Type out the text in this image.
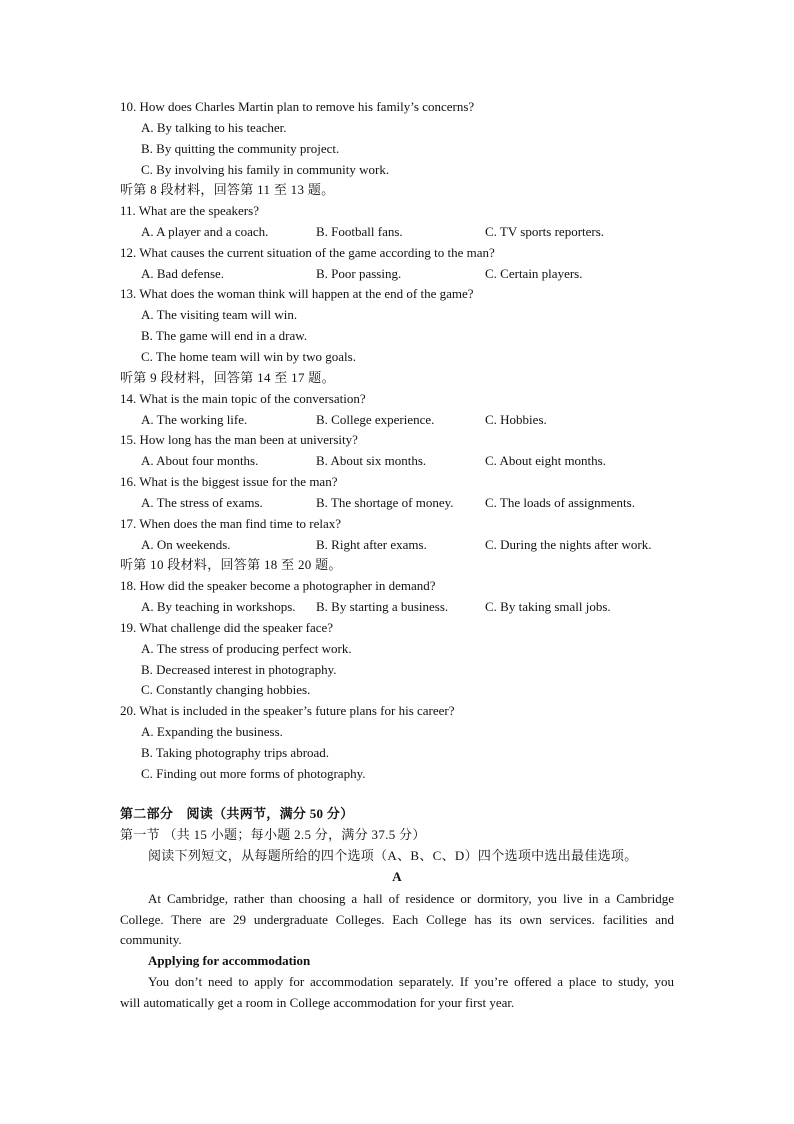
10. How does Charles Martin plan to remove his family’s concerns?
A. By talking to his teacher.
B. By quitting the community project.
C. By involving his family in community work.
听第 8 段材料，回答第 11 至 13 题。
11. What are the speakers?
A. A player and a coach.	B. Football fans.	C. TV sports reporters.
12. What causes the current situation of the game according to the man?
A. Bad defense.	B. Poor passing.	C. Certain players.
13. What does the woman think will happen at the end of the game?
A. The visiting team will win.
B. The game will end in a draw.
C. The home team will win by two goals.
听第 9 段材料，回答第 14 至 17 题。
14. What is the main topic of the conversation?
A. The working life.	B. College experience.	C. Hobbies.
15. How long has the man been at university?
A. About four months.	B. About six months.	C. About eight months.
16. What is the biggest issue for the man?
A. The stress of exams.	B. The shortage of money. C. The loads of assignments.
17. When does the man find time to relax?
A. On weekends.	B. Right after exams.	C. During the nights after work.
听第 10 段材料，回答第 18 至 20 题。
18. How did the speaker become a photographer in demand?
A. By teaching in workshops. B. By starting a business.	C. By taking small jobs.
19. What challenge did the speaker face?
A. The stress of producing perfect work.
B. Decreased interest in photography.
C. Constantly changing hobbies.
20. What is included in the speaker’s future plans for his career?
A. Expanding the business.
B. Taking photography trips abroad.
C. Finding out more forms of photography.
第二部分　阅读（共两节，满分 50 分）
第一节 （共 15 小题；每小题 2.5 分，满分 37.5 分）
阅读下列短文，从每题所给的四个选项（A、B、C、D）四个选项中选出最佳选项。
A
At Cambridge, rather than choosing a hall of residence or dormitory, you live in a Cambridge
College. There are 29 undergraduate Colleges. Each College has its own services. facilities and
community.
Applying for accommodation
You don’t need to apply for accommodation separately. If you’re offered a place to study, you
will automatically get a room in College accommodation for your first year.
